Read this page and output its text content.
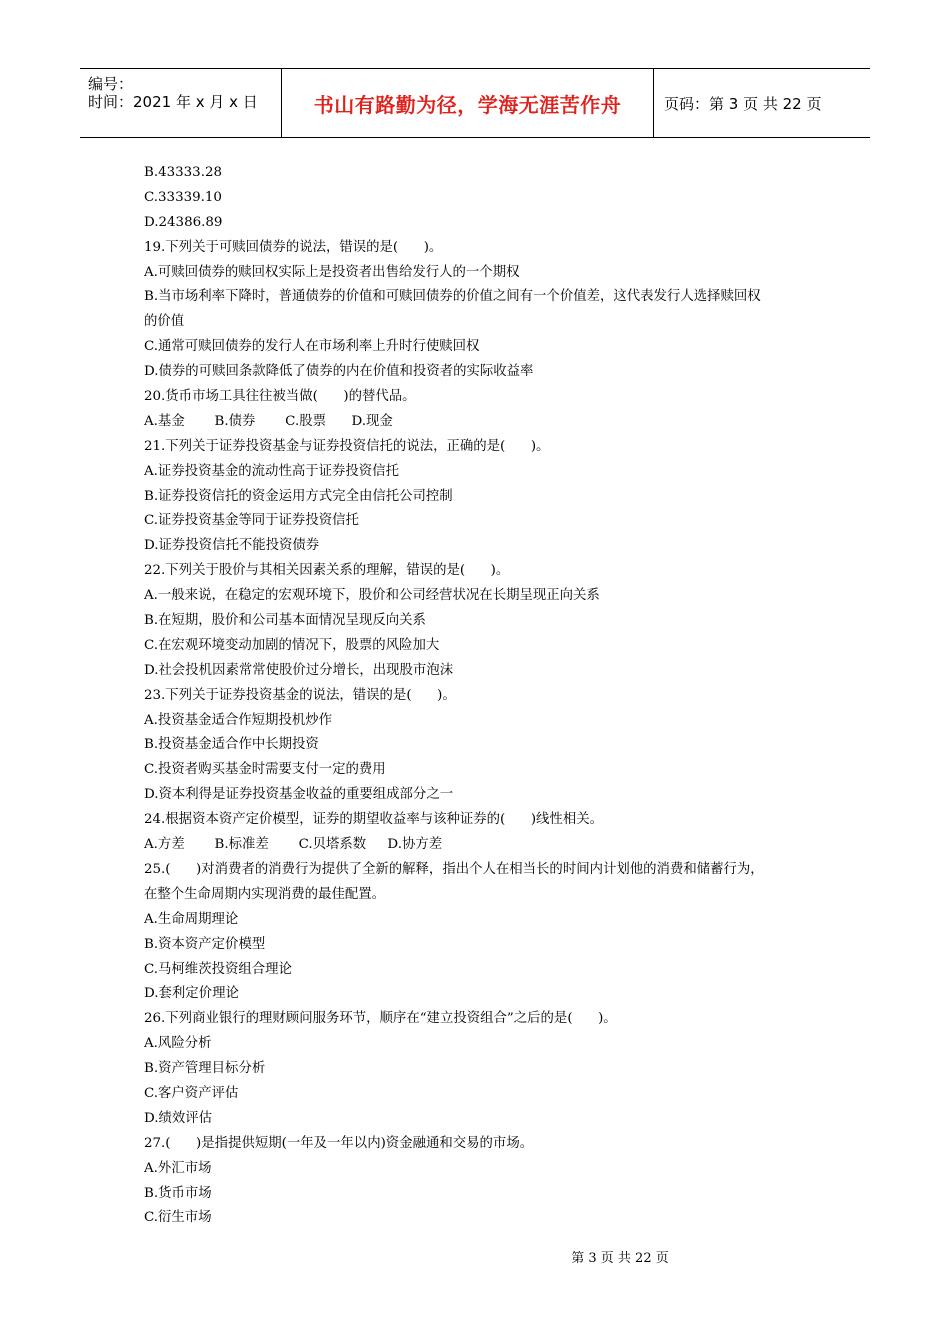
编号：
时间：2021 年 x 月 x 日	书山有路勤为径，学海无涯苦作舟	页码：第 3 页 共 22 页
B.43333.28
C.33339.10
D.24386.89
19.下列关于可赎回债券的说法，错误的是(      )。
A.可赎回债券的赎回权实际上是投资者出售给发行人的一个期权
B.当市场利率下降时，普通债券的价值和可赎回债券的价值之间有一个价值差，这代表发行人选择赎回权
的价值
C.通常可赎回债券的发行人在市场利率上升时行使赎回权
D.债券的可赎回条款降低了债券的内在价值和投资者的实际收益率
20.货币市场工具往往被当做(      )的替代品。
A.基金       B.债券       C.股票      D.现金
21.下列关于证券投资基金与证券投资信托的说法，正确的是(      )。
A.证券投资基金的流动性高于证券投资信托
B.证券投资信托的资金运用方式完全由信托公司控制
C.证券投资基金等同于证券投资信托
D.证券投资信托不能投资债券
22.下列关于股价与其相关因素关系的理解，错误的是(      )。
A.一般来说，在稳定的宏观环境下，股价和公司经营状况在长期呈现正向关系
B.在短期，股价和公司基本面情况呈现反向关系
C.在宏观环境变动加剧的情况下，股票的风险加大
D.社会投机因素常常使股价过分增长，出现股市泡沫
23.下列关于证券投资基金的说法，错误的是(      )。
A.投资基金适合作短期投机炒作
B.投资基金适合作中长期投资
C.投资者购买基金时需要支付一定的费用
D.资本利得是证券投资基金收益的重要组成部分之一
24.根据资本资产定价模型，证券的期望收益率与该种证券的(      )线性相关。
A.方差       B.标准差       C.贝塔系数     D.协方差
25.(      )对消费者的消费行为提供了全新的解释，指出个人在相当长的时间内计划他的消费和储蓄行为，
在整个生命周期内实现消费的最佳配置。
A.生命周期理论
B.资本资产定价模型
C.马柯维茨投资组合理论
D.套利定价理论
26.下列商业银行的理财顾问服务环节，顺序在“建立投资组合”之后的是(      )。
A.风险分析
B.资产管理目标分析
C.客户资产评估
D.绩效评估
27.(      )是指提供短期(一年及一年以内)资金融通和交易的市场。
A.外汇市场
B.货币市场
C.衍生市场
第 3 页 共 22 页
